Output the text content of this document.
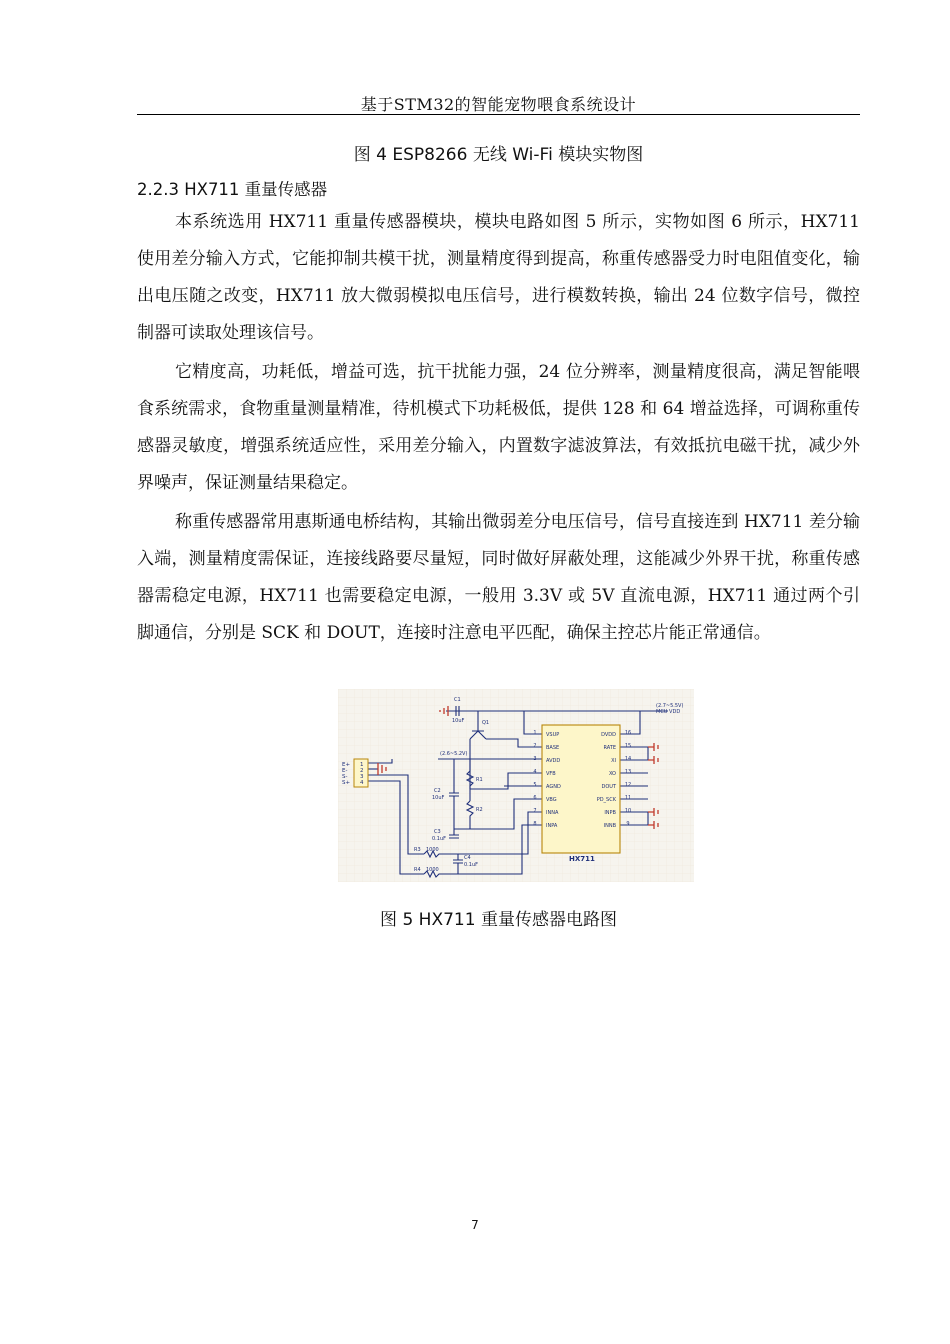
基于STM32的智能宠物喂食系统设计
图 4 ESP8266 无线 Wi-Fi 模块实物图
2.2.3 HX711 重量传感器

本系统选用 HX711 重量传感器模块，模块电路如图 5 所示，实物如图 6 所示，HX711 使用差分输入方式，它能抑制共模干扰，测量精度得到提高，称重传感器受力时电阻值变化，输出电压随之改变，HX711 放大微弱模拟电压信号，进行模数转换，输出 24 位数字信号，微控制器可读取处理该信号。

它精度高，功耗低，增益可选，抗干扰能力强，24 位分辨率，测量精度很高，满足智能喂食系统需求，食物重量测量精准，待机模式下功耗极低，提供 128 和 64 增益选择，可调称重传感器灵敏度，增强系统适应性，采用差分输入，内置数字滤波算法，有效抵抗电磁干扰，减少外界噪声，保证测量结果稳定。

称重传感器常用惠斯通电桥结构，其输出微弱差分电压信号，信号直接连到 HX711 差分输入端，测量精度需保证，连接线路要尽量短，同时做好屏蔽处理，这能减少外界干扰，称重传感器需稳定电源，HX711 也需要稳定电源，一般用 3.3V 或 5V 直流电源，HX711 通过两个引脚通信，分别是 SCK 和 DOUT，连接时注意电平匹配，确保主控芯片能正常通信。

E+
E-
S-
S+
1
2
3
4
HX711
1 VSUP
2 BASE
3 AVDD
4 VFB
5 AGND
6 VBG
7 INNA
8 INPA
16
DVDD
15
RATE
14
XI
13
XO
12
DOUT
11
PD_SCK
10
INPB
9
INNB
C1
10uF	Q1
(2.6~5.2V)
(2.7~5.5V)
MCU VDD
R1
R2
C2
10uF
C3
0.1uF
R3 1000
R4 1000
C4
0.1uF
图 5 HX711 重量传感器电路图
7
